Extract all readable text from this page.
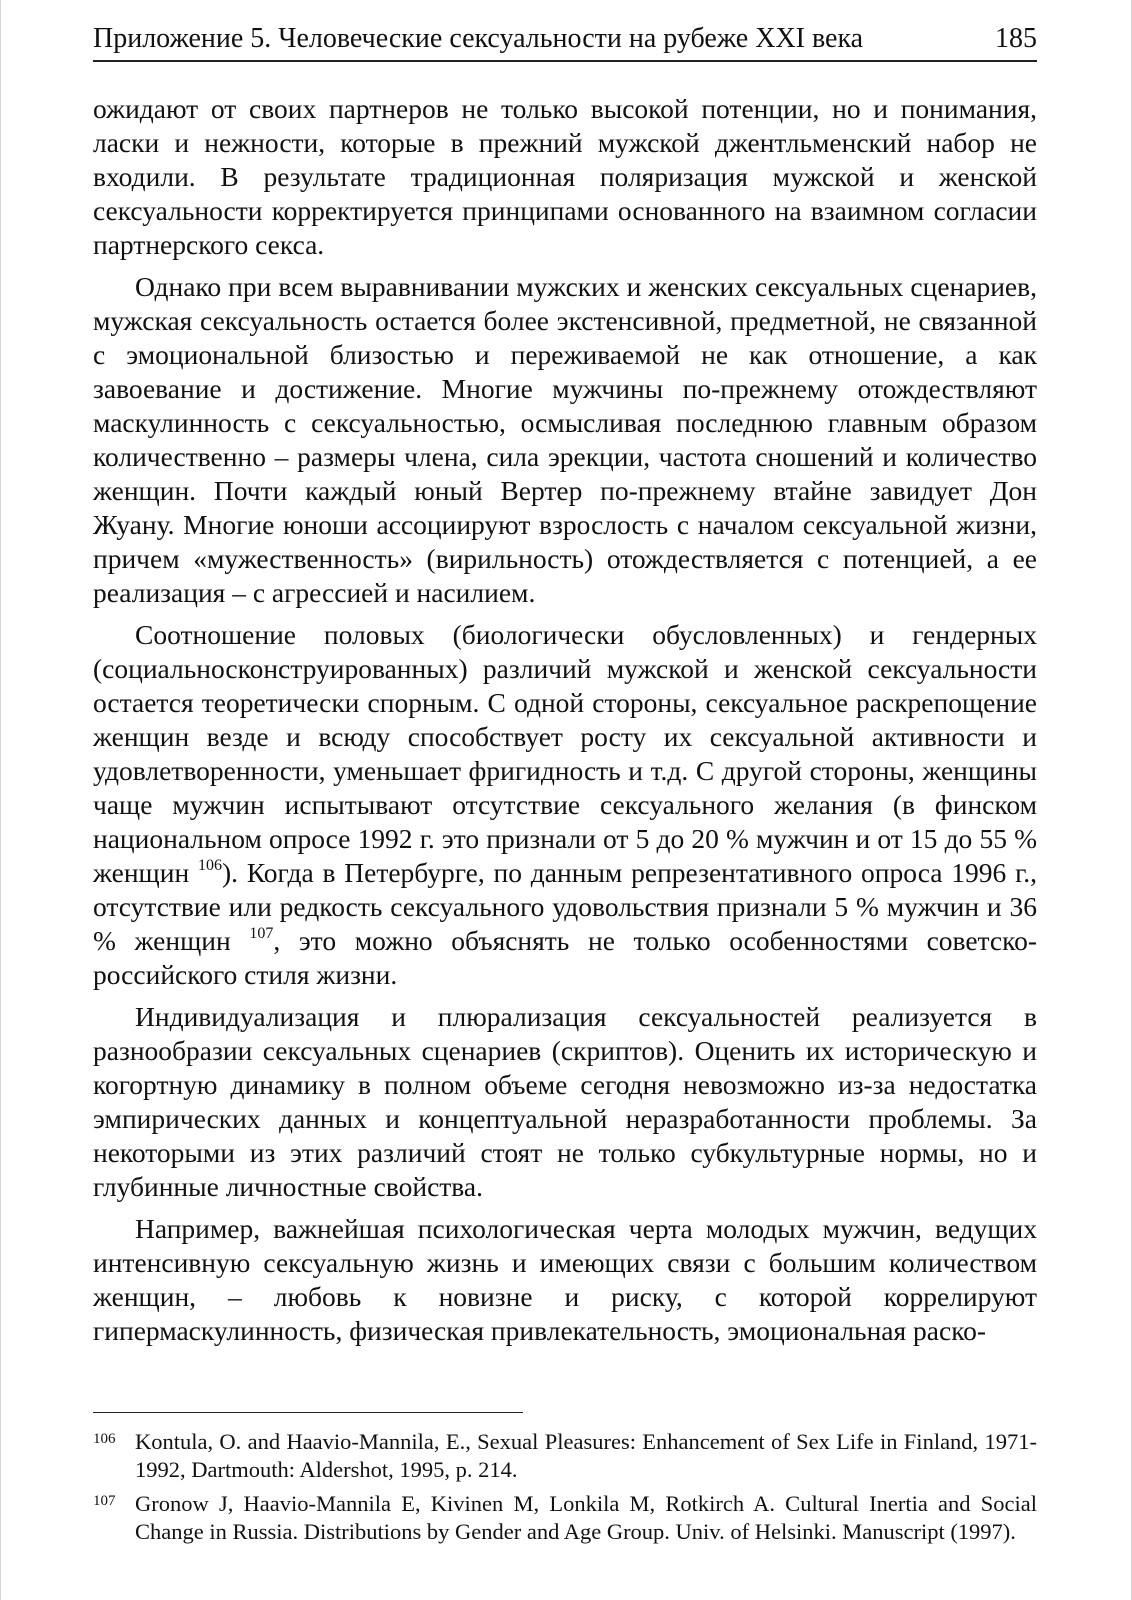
Приложение 5. Человеческие сексуальности на рубеже XXI века	185

ожидают от своих партнеров не только высокой потенции, но и понимания, ласки и нежности, которые в прежний мужской джентльменский набор не входили. В результате традиционная поляризация мужской и женской сексуальности корректируется принципами основанного на взаимном согласии партнерского секса.

Однако при всем выравнивании мужских и женских сексуальных сценариев, мужская сексуальность остается более экстенсивной, предметной, не связанной с эмоциональной близостью и переживаемой не как отношение, а как завоевание и достижение. Многие мужчины по-прежнему отождествляют маскулинность с сексуальностью, осмысливая последнюю главным образом количественно – размеры члена, сила эрекции, частота сношений и количество женщин. Почти каждый юный Вертер по-прежнему втайне завидует Дон Жуану. Многие юноши ассоциируют взрослость с началом сексуальной жизни, причем «мужественность» (вирильность) отождествляется с потенцией, а ее реализация – с агрессией и насилием.

Соотношение половых (биологически обусловленных) и гендерных (социальносконструированных) различий мужской и женской сексуальности остается теоретически спорным. С одной стороны, сексуальное раскрепощение женщин везде и всюду способствует росту их сексуальной активности и удовлетворенности, уменьшает фригидность и т.д. С другой стороны, женщины чаще мужчин испытывают отсутствие сексуального желания (в финском национальном опросе 1992 г. это признали от 5 до 20 % мужчин и от 15 до 55 % женщин $^{106}$). Когда в Петербурге, по данным репрезентативного опроса 1996 г., отсутствие или редкость сексуального удовольствия признали 5 % мужчин и 36 % женщин $^{107}$, это можно объяснять не только особенностями советско-российского стиля жизни.

Индивидуализация и плюрализация сексуальностей реализуется в разнообразии сексуальных сценариев (скриптов). Оценить их историческую и когортную динамику в полном объеме сегодня невозможно из-за недостатка эмпирических данных и концептуальной неразработанности проблемы. За некоторыми из этих различий стоят не только субкультурные нормы, но и глубинные личностные свойства.

Например, важнейшая психологическая черта молодых мужчин, ведущих интенсивную сексуальную жизнь и имеющих связи с большим количеством женщин, – любовь к новизне и риску, с которой коррелируют гипермаскулинность, физическая привлекательность, эмоциональная раско-

106 Kontula, O. and Haavio-Mannila, E., Sexual Pleasures: Enhancement of Sex Life in Finland, 1971-1992, Dartmouth: Aldershot, 1995, p. 214.
107 Gronow J, Haavio-Mannila E, Kivinen M, Lonkila M, Rotkirch A. Cultural Inertia and Social Change in Russia. Distributions by Gender and Age Group. Univ. of Helsinki. Manuscript (1997).
